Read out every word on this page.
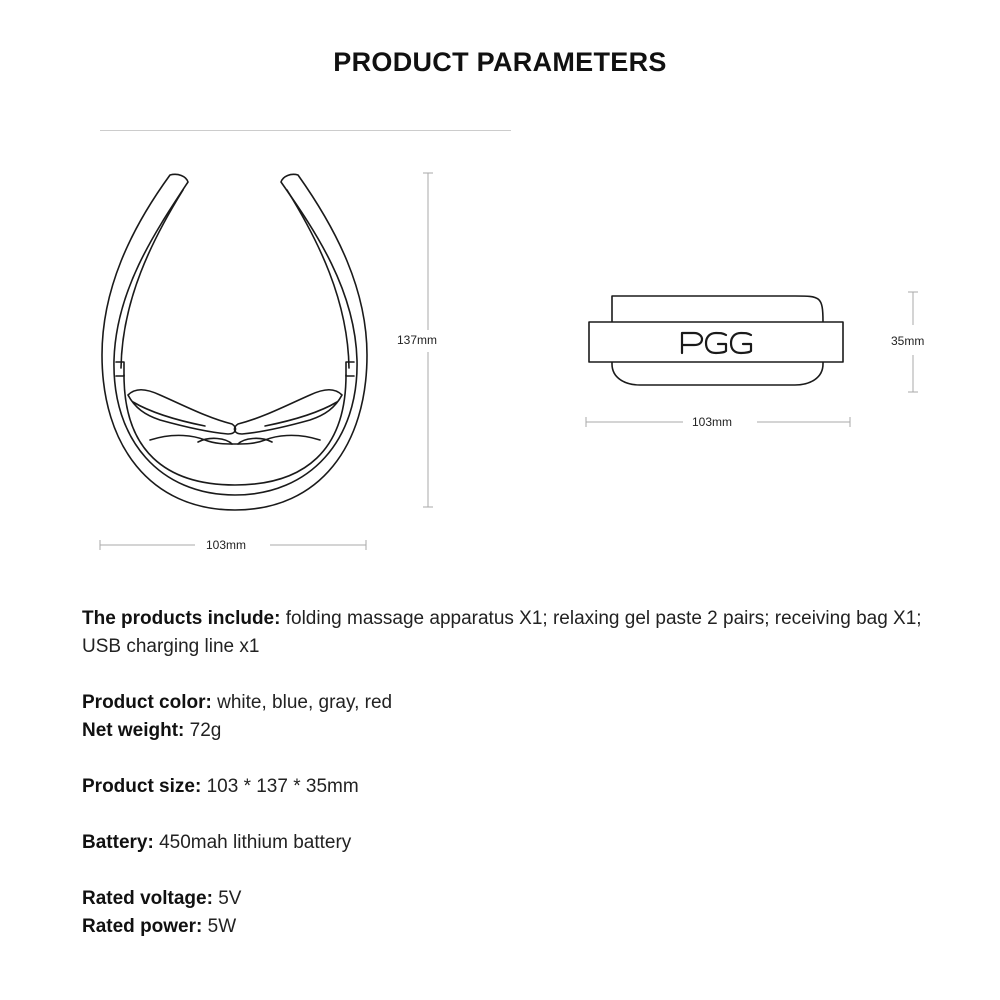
PRODUCT PARAMETERS
137mm
103mm
35mm
103mm

The products include: folding massage apparatus X1; relaxing gel paste 2 pairs; receiving bag X1; USB charging line x1

Product color: white, blue, gray, red

Net weight: 72g

Product size: 103 * 137 * 35mm

Battery: 450mah lithium battery

Rated voltage: 5V

Rated power: 5W
